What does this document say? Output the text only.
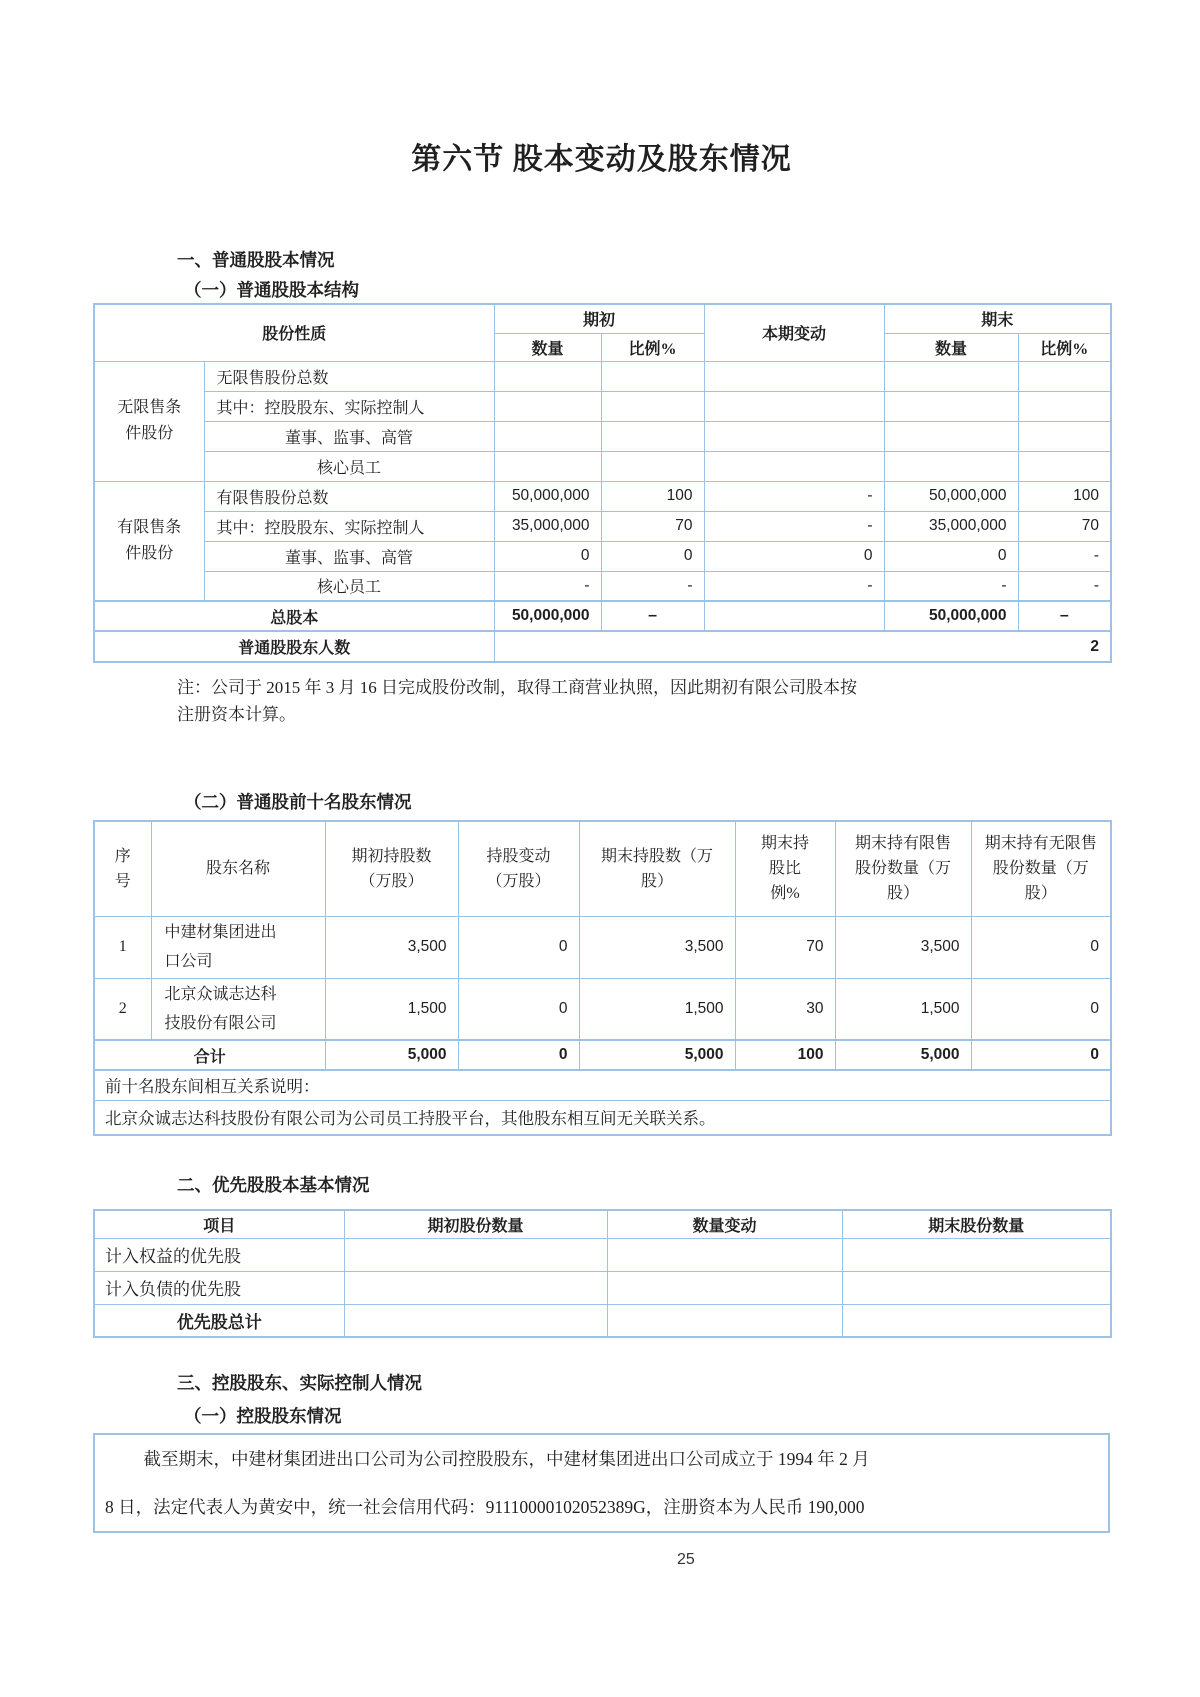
第六节 股本变动及股东情况
一、普通股股本情况
（一）普通股股本结构
股份性质		期初		本期变动	期末	
		数量	比例%		数量	比例%
无限售条件股份	无限售股份总数					
	其中：控股股东、实际控制人					
	董事、监事、高管					
	核心员工					
有限售条件股份	有限售股份总数	50,000,000	100	-	50,000,000	100
	其中：控股股东、实际控制人	35,000,000	70	-	35,000,000	70
	董事、监事、高管	0	0	0	0	-
	核心员工	-	-	-	-	-
总股本		50,000,000	–		50,000,000	–
普通股股东人数		2				
注：公司于 2015 年 3 月 16 日完成股份改制，取得工商营业执照，因此期初有限公司股本按
注册资本计算。
（二）普通股前十名股东情况
序号	股东名称	期初持股数（万股）	持股变动（万股）	期末持股数（万股）	期末持股比例%	期末持有限售股份数量（万股）	期末持有无限售股份数量（万股）
1	中建材集团进出口公司	3,500	0	3,500	70	3,500	0
2	北京众诚志达科技股份有限公司	1,500	0	1,500	30	1,500	0
合计		5,000	0	5,000	100	5,000	0
前十名股东间相互关系说明：							
北京众诚志达科技股份有限公司为公司员工持股平台，其他股东相互间无关联关系。							
二、优先股股本基本情况
项目	期初股份数量	数量变动	期末股份数量
计入权益的优先股			
计入负债的优先股			
优先股总计			
三、控股股东、实际控制人情况
（一）控股股东情况
截至期末，中建材集团进出口公司为公司控股股东，中建材集团进出口公司成立于 1994 年 2 月
8 日，法定代表人为黄安中，统一社会信用代码：91110000102052389G，注册资本为人民币 190,000
25
